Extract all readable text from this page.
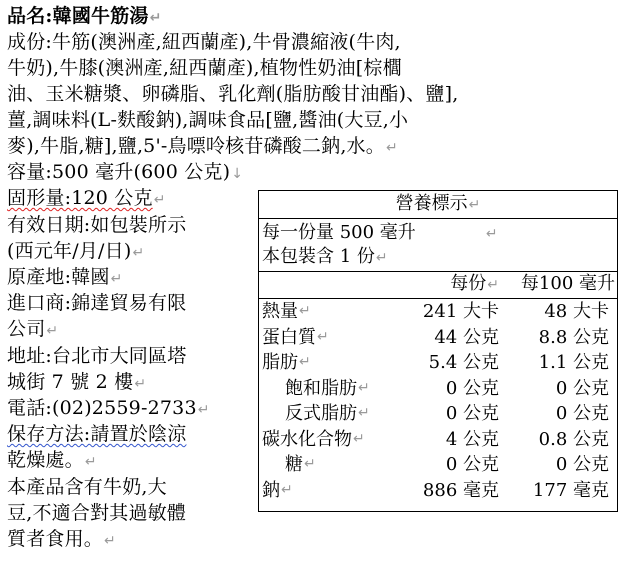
品名:韓國牛筋湯↵
成份:牛筋(澳洲產,紐西蘭產),牛骨濃縮液(牛肉,
牛奶),牛膝(澳洲產,紐西蘭產),植物性奶油[棕櫚
油、玉米糖漿、卵磷脂、乳化劑(脂肪酸甘油酯)、鹽],
薑,調味料(L-麩酸鈉),調味食品[鹽,醬油(大豆,小
麥),牛脂,糖],鹽,5'-鳥嘌呤核苷磷酸二鈉,水。↵
容量:500 毫升(600 公克)↓
固形量:120 公克↵
有效日期:如包裝所示
(西元年/月/日)↵
原產地:韓國↵
進口商:錦達貿易有限
公司↵
地址:台北市大同區塔
城街 7 號 2 樓↵
電話:(02)2559-2733↵
保存方法:請置於陰涼
乾燥處。↵
本產品含有牛奶,大
豆,不適合對其過敏體
質者食用。↵
營養標示↵
每一份量 500 毫升	↵
本包裝含 1 份↵
每份↵ 每100 毫升
熱量 ↵	241 大卡	48 大卡
蛋白質 ↵	44 公克 8.8 公克
脂肪 ↵	5.4 公克 1.1 公克
飽和脂肪 ↵	0 公克	0 公克
反式脂肪 ↵	0 公克	0 公克
碳水化合物 ↵	4 公克 0.8 公克
糖 ↵	0 公克	0 公克
鈉 ↵	886 毫克 177 毫克
